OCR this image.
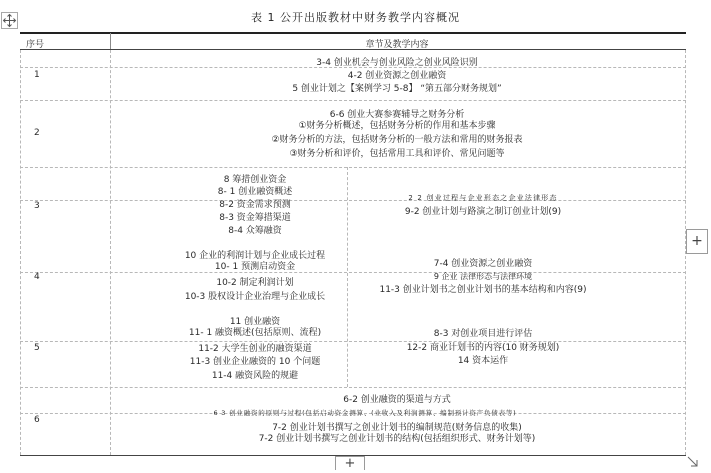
表 1 公开出版教材中财务教学内容概况
序号	章节及教学内容
1
3-4 创业机会与创业风险之创业风险识别
4-2 创业资源之创业融资
5 创业计划之【案例学习 5-8】 “第五部分财务规划”
2
6-6 创业大赛参赛辅导之财务分析
①财务分析概述，包括财务分析的作用和基本步骤
②财务分析的方法，包括财务分析的一般方法和常用的财务报表
③财务分析和评价，包括常用工具和评价、常见问题等
3
8 筹措创业资金
8- 1 创业融资概述
8-2 资金需求预测
8-3 资金筹措渠道
8-4 众筹融资
2 2 创业过程与企业形态之企业法律形态
9-2 创业计划与路演之制订创业计划(9)
4
10 企业的利润计划与企业成长过程
10- 1 预测启动资金
10-2 制定利润计划
10-3 股权设计企业治理与企业成长
7-4 创业资源之创业融资
9 企业 法律形态与法律环境
11-3 创业计划书之创业计划书的基本结构和内容(9)
5
11 创业融资
11- 1 融资概述(包括原则、流程)
11-2 大学生创业的融资渠道
11-3 创业企业融资的 10 个问题
11-4 融资风险的规避
8-3 对创业项目进行评估
12-2 商业计划书的内容(10 财务规划)
14 资本运作
6
6-2 创业融资的渠道与方式
6 3 创业融资的原则与过程(包括启动资金测算、(业收入及利润测算、编制预计资产负债表等)
7-2 创业计划书撰写之创业计划书的编制规范(财务信息的收集)
7-2 创业计划书撰写之创业计划书的结构(包括组织形式、财务计划等)
+
+
